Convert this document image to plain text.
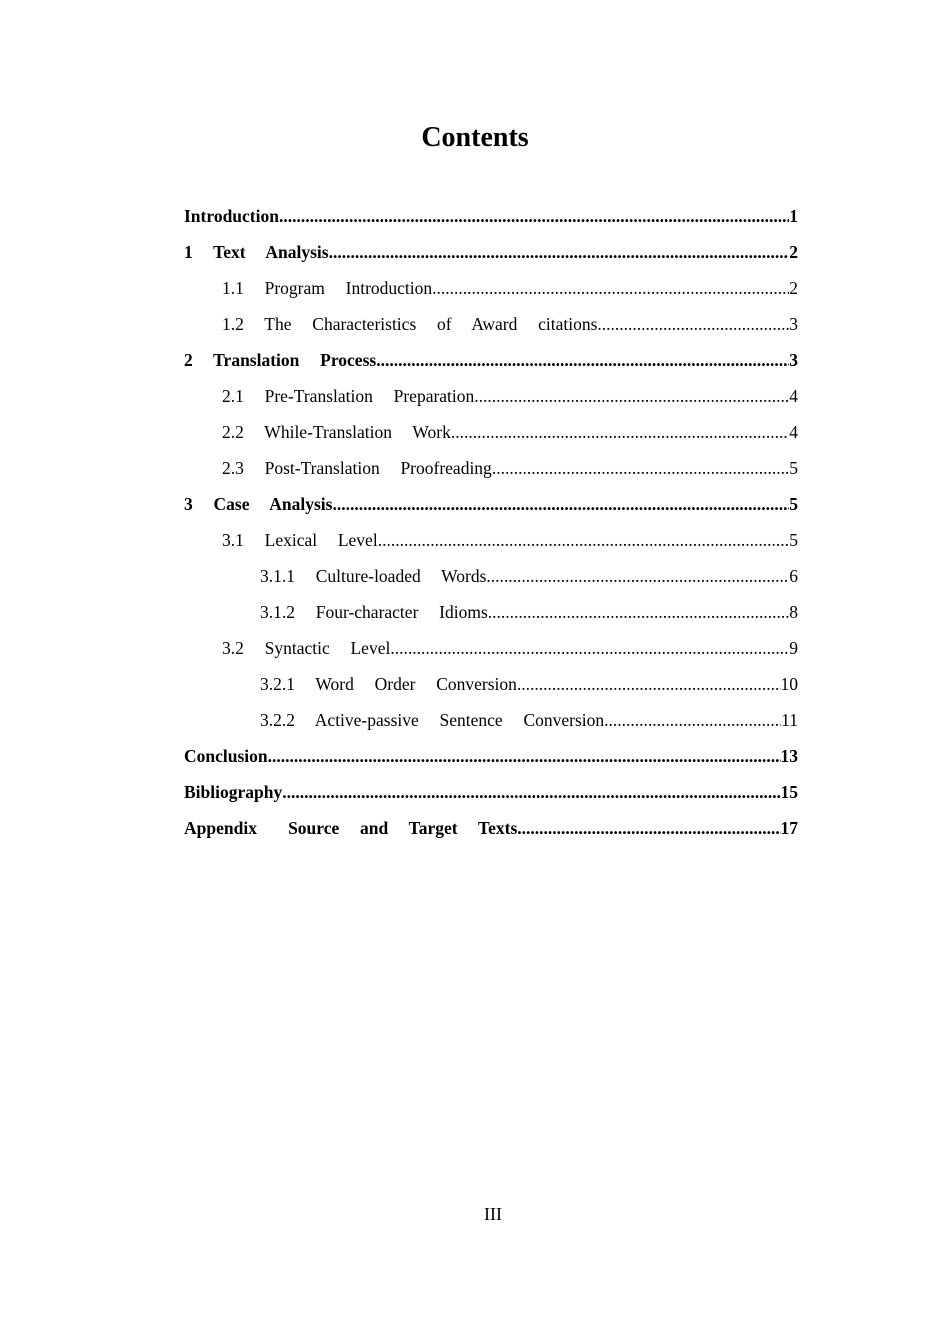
Contents
Introduction .....	1
1  Text  Analysis .....	2
1.1  Program  Introduction .....	2
1.2  The  Characteristics  of  Award  citations .....	3
2  Translation  Process .....	3
2.1  Pre-Translation  Preparation .....	4
2.2  While-Translation  Work .....	4
2.3  Post-Translation  Proofreading .....	5
3  Case  Analysis .....	5
3.1  Lexical  Level .....	5
3.1.1  Culture-loaded  Words .....	6
3.1.2  Four-character  Idioms .....	8
3.2  Syntactic  Level .....	9
3.2.1  Word  Order  Conversion .....	10
3.2.2  Active-passive  Sentence  Conversion .....	11
Conclusion .....	13
Bibliography .....	15
Appendix   Source  and  Target  Texts .....	17
III
